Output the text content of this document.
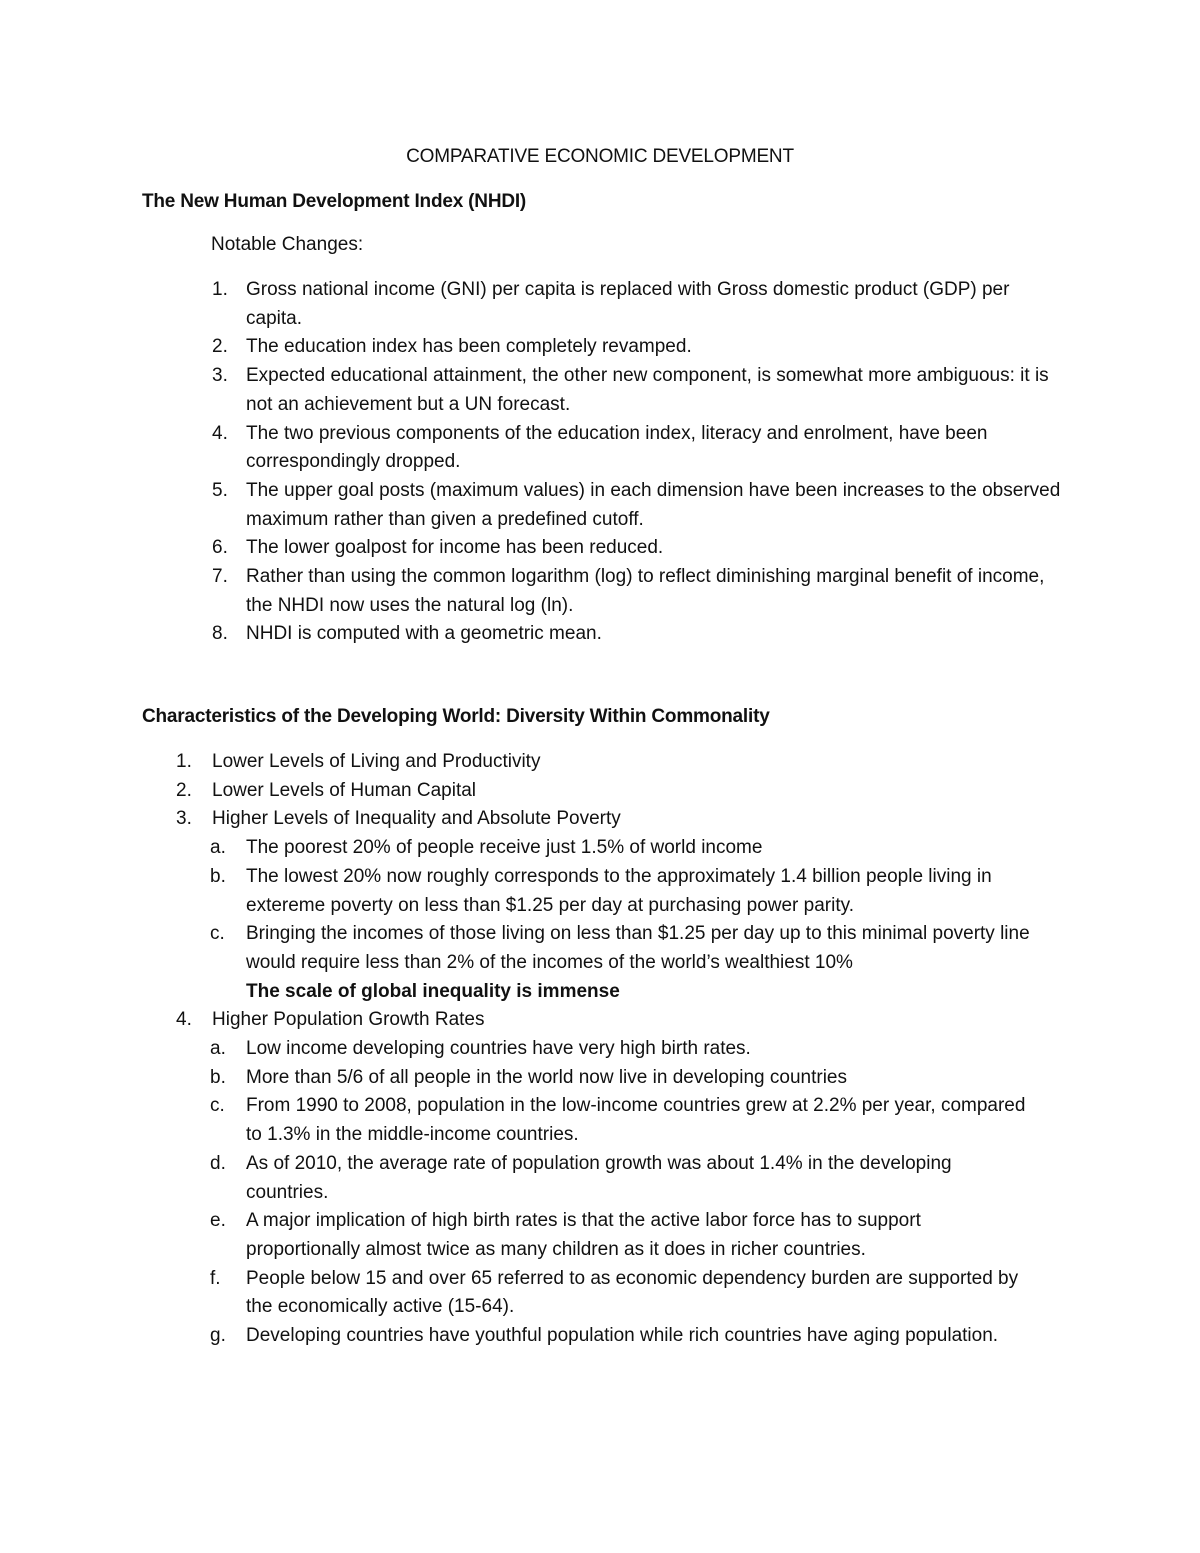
COMPARATIVE ECONOMIC DEVELOPMENT
The New Human Development Index (NHDI)
Notable Changes:
1. Gross national income (GNI) per capita is replaced with Gross domestic product (GDP) per capita.
2. The education index has been completely revamped.
3. Expected educational attainment, the other new component, is somewhat more ambiguous: it is not an achievement but a UN forecast.
4. The two previous components of the education index, literacy and enrolment, have been correspondingly dropped.
5. The upper goal posts (maximum values) in each dimension have been increases to the observed maximum rather than given a predefined cutoff.
6. The lower goalpost for income has been reduced.
7. Rather than using the common logarithm (log) to reflect diminishing marginal benefit of income, the NHDI now uses the natural log (ln).
8. NHDI is computed with a geometric mean.
Characteristics of the Developing World: Diversity Within Commonality
1.	Lower Levels of Living and Productivity
2.	Lower Levels of Human Capital
3.	Higher Levels of Inequality and Absolute Poverty
a.	The poorest 20% of people receive just 1.5% of world income
b.	The lowest 20% now roughly corresponds to the approximately 1.4 billion people living in extereme poverty on less than $1.25 per day at purchasing power parity.
c.	Bringing the incomes of those living on less than $1.25 per day up to this minimal poverty line would require less than 2% of the incomes of the world’s wealthiest 10%
The scale of global inequality is immense
4.	Higher Population Growth Rates
a.	Low income developing countries have very high birth rates.
b.	More than 5/6 of all people in the world now live in developing countries
c.	From 1990 to 2008, population in the low-income countries grew at 2.2% per year, compared to 1.3% in the middle-income countries.
d.	As of 2010, the average rate of population growth was about 1.4% in the developing countries.
e.	A major implication of high birth rates is that the active labor force has to support proportionally almost twice as many children as it does in richer countries.
f.	People below 15 and over 65 referred to as economic dependency burden are supported by the economically active (15-64).
g.	Developing countries have youthful population while rich countries have aging population.
